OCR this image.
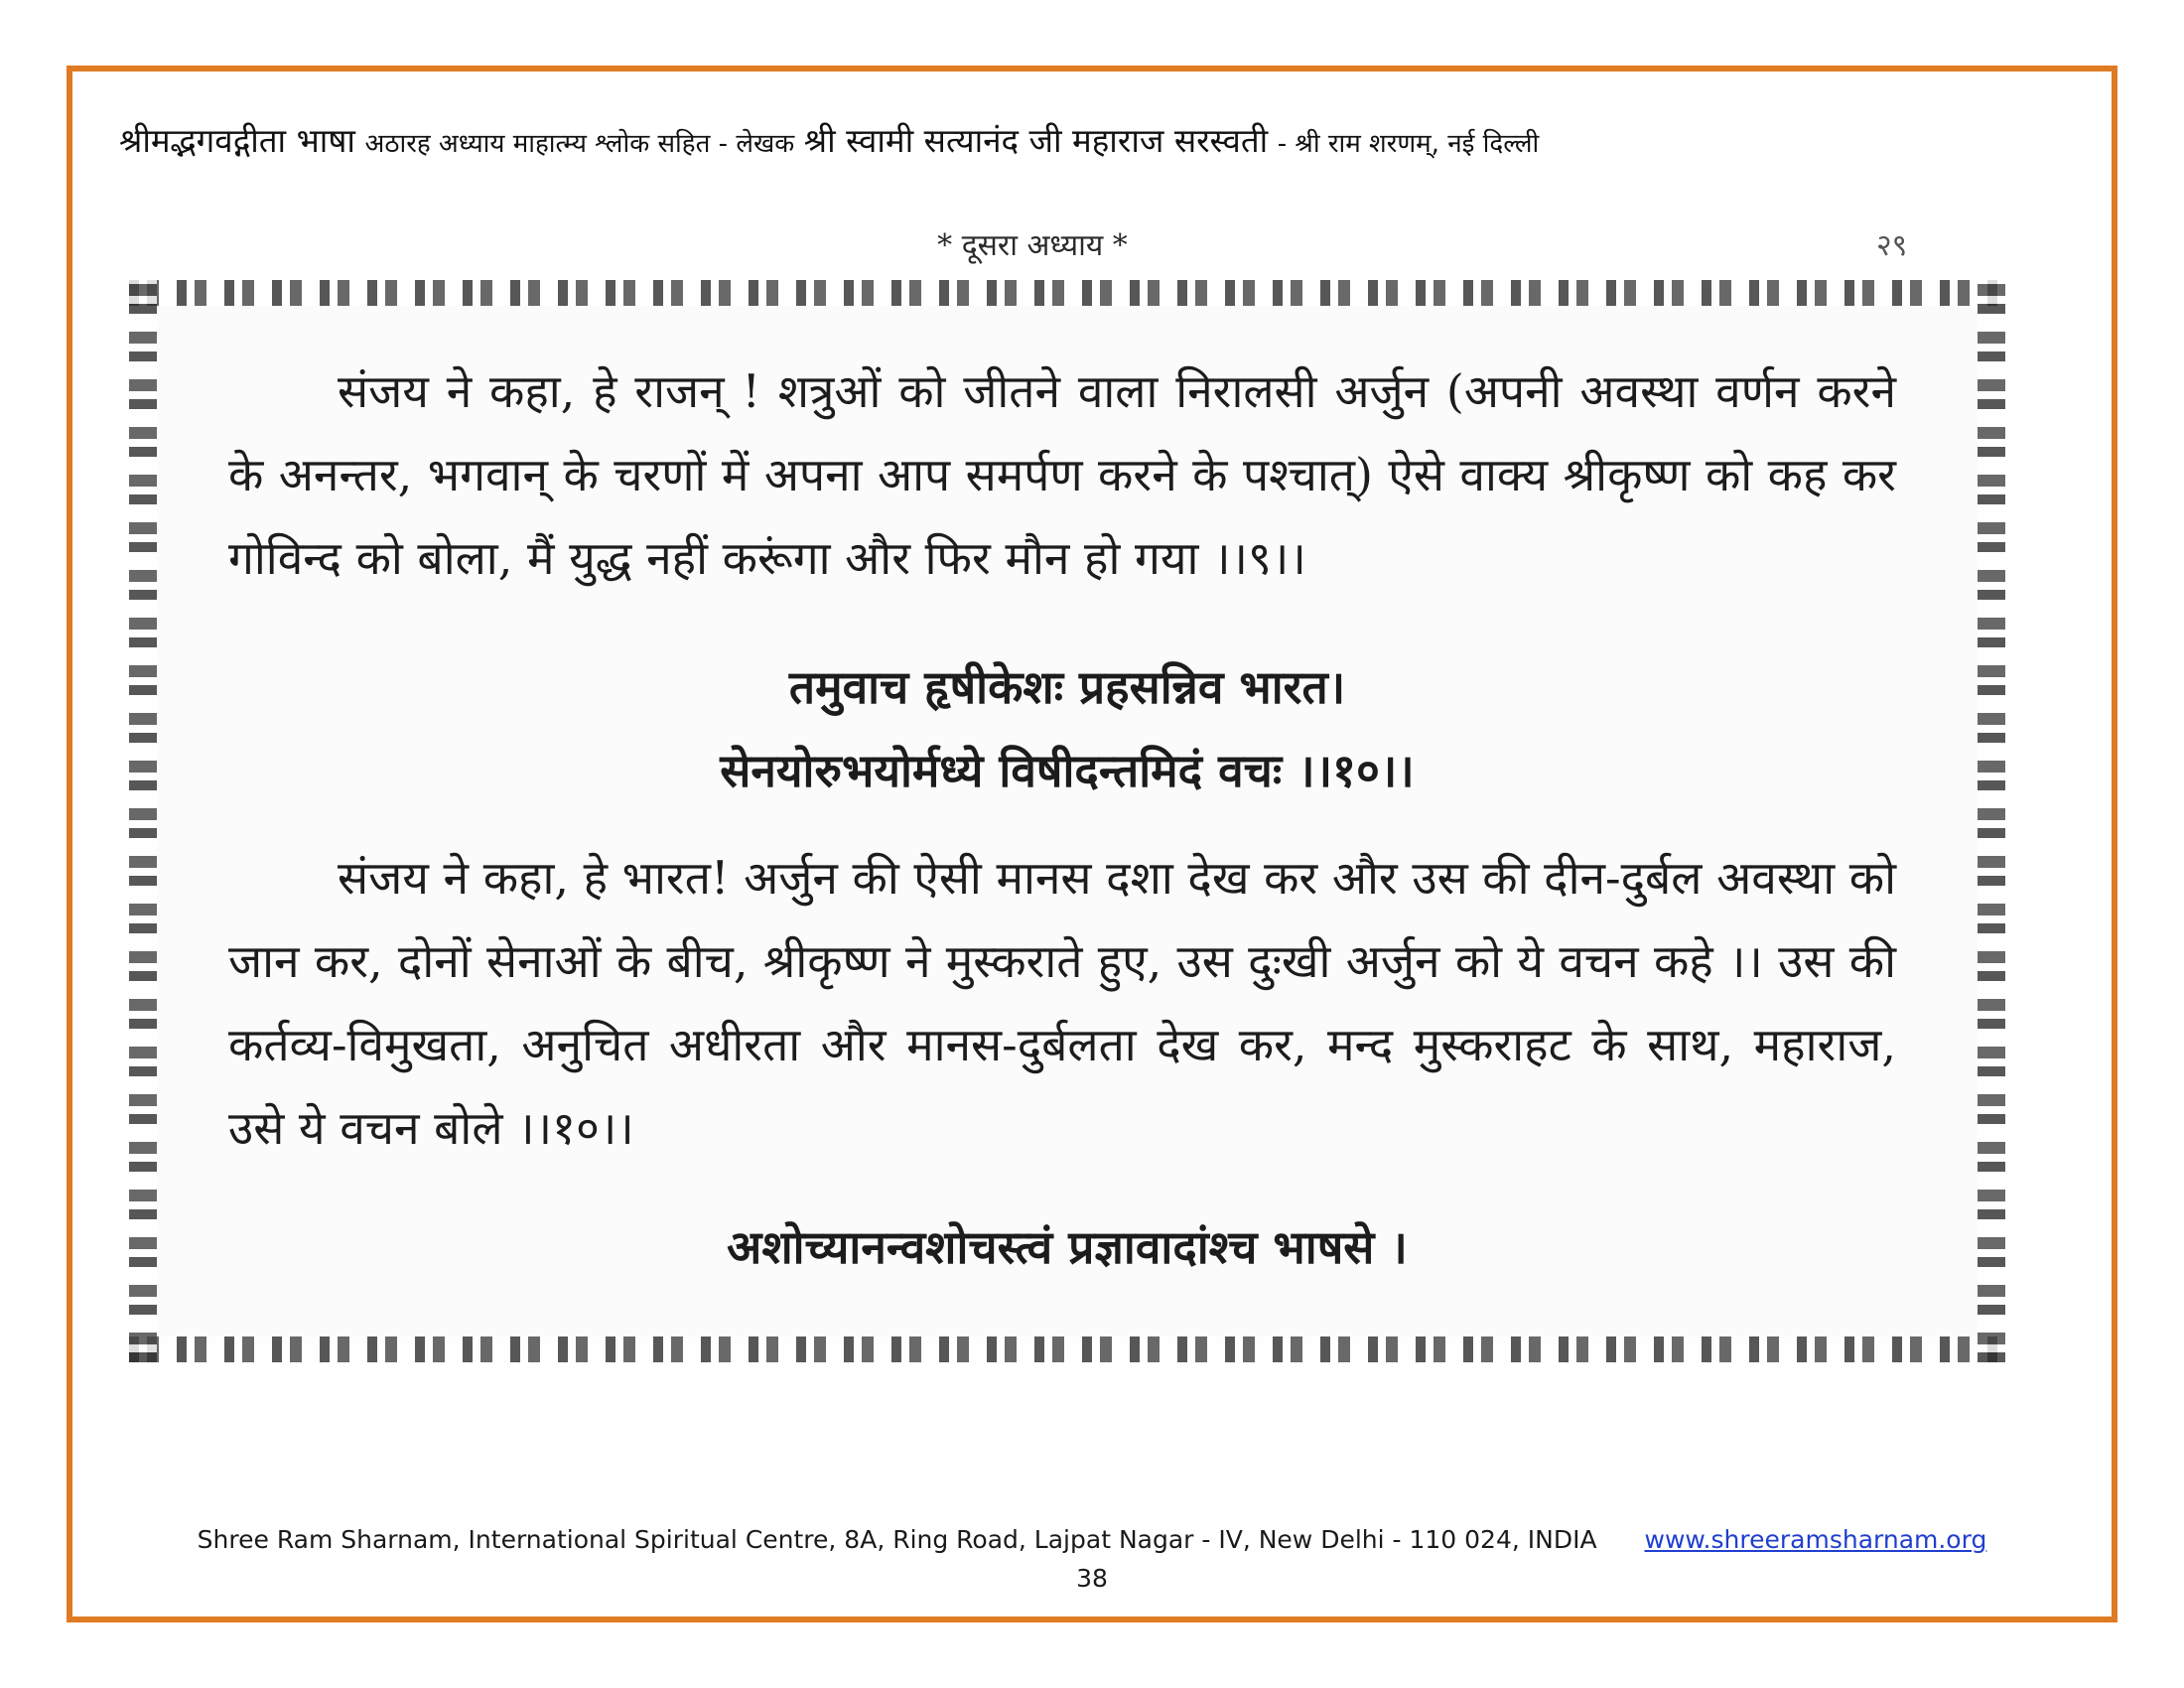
श्रीमद्भगवद्गीता भाषा अठारह अध्याय माहात्म्य श्लोक सहित - लेखक श्री स्वामी सत्यानंद जी महाराज सरस्वती - श्री राम शरणम्, नई दिल्ली
* दूसरा अध्याय *	२९
संजय ने कहा, हे राजन् ! शत्रुओं को जीतने वाला निरालसी अर्जुन (अपनी अवस्था वर्णन करने के अनन्तर, भगवान् के चरणों में अपना आप समर्पण करने के पश्चात्) ऐसे वाक्य श्रीकृष्ण को कह कर गोविन्द को बोला, मैं युद्ध नहीं करूंगा और फिर मौन हो गया ।।९।।
तमुवाच हृषीकेशः प्रहसन्निव भारत।
सेनयोरुभयोर्मध्ये विषीदन्तमिदं वचः ।।१०।।
संजय ने कहा, हे भारत! अर्जुन की ऐसी मानस दशा देख कर और उस की दीन-दुर्बल अवस्था को जान कर, दोनों सेनाओं के बीच, श्रीकृष्ण ने मुस्कराते हुए, उस दुःखी अर्जुन को ये वचन कहे ।। उस की कर्तव्य-विमुखता, अनुचित अधीरता और मानस-दुर्बलता देख कर, मन्द मुस्कराहट के साथ, महाराज, उसे ये वचन बोले ।।१०।।
अशोच्यानन्वशोचस्त्वं प्रज्ञावादांश्च भाषसे ।
Shree Ram Sharnam, International Spiritual Centre, 8A, Ring Road, Lajpat Nagar - IV, New Delhi - 110 024, INDIA www.shreeramsharnam.org
38
